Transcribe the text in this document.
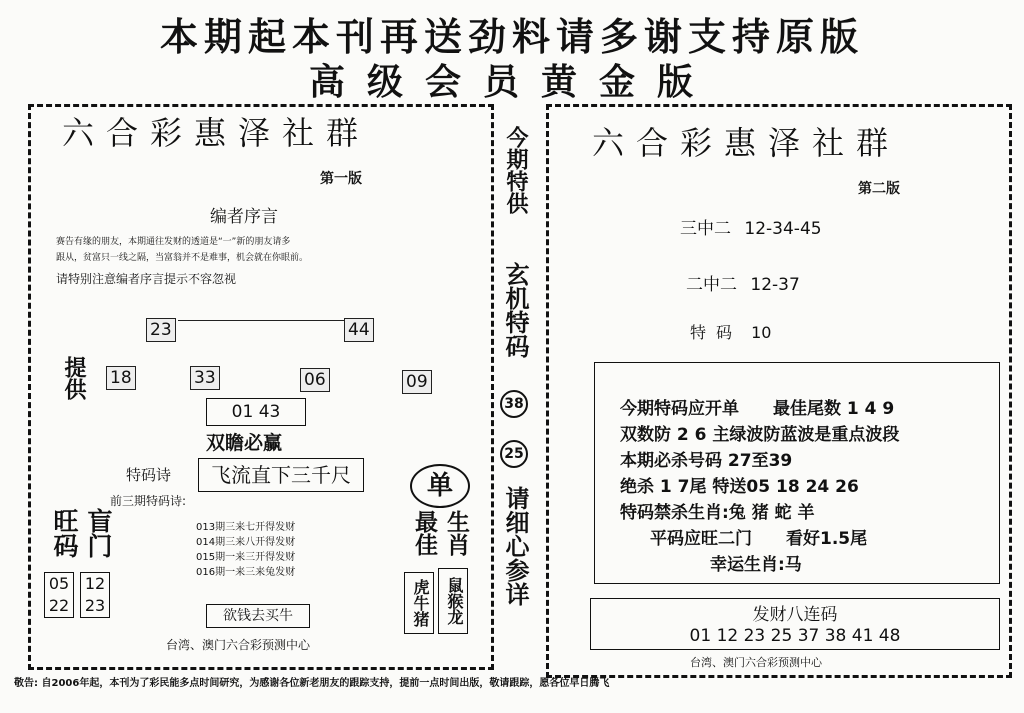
本期起本刊再送劲料请多谢支持原版
高级会员黄金版
六合彩惠泽社群
第一版
编者序言
赛告有缘的朋友，本期通往发财的透道是“一”新的朋友请多
跟从，贫富只一线之隔，当富翁并不是难事，机会就在你眼前。
请特别注意编者序言提示不容忽视
23	44
提供 18	33	06	09
01 43
双瞻必赢
特码诗	飞流直下三千尺
前三期特码诗:
013期三来七开得发财
014期三来八开得发财
015期一来三开得发财
016期一来三来兔发财
旺码 盲门
05
22
12
23
单
最佳 生肖
虎牛猪 鼠猴龙
欲钱去买牛
台湾、澳门六合彩预测中心
今期特供
玄机特码
38
25
请细心参详
六合彩惠泽社群
第二版
三中二 12-34-45
二中二 12-37
特码 10
今期特码应开单　　最佳尾数 1 4 9
双数防 2 6 主绿波防蓝波是重点波段
本期必杀号码 27至39
绝杀 1 7尾 特送05 18 24 26
特码禁杀生肖:兔 猪 蛇 羊
平码应旺二门　　看好1.5尾
幸运生肖:马
发财八连码
01 12 23 25 37 38 41 48
台湾、澳门六合彩预测中心
敬告: 自2006年起，本刊为了彩民能多点时间研究，为感谢各位新老朋友的跟踪支持，提前一点时间出版，敬请跟踪，愿各位早日腾飞
